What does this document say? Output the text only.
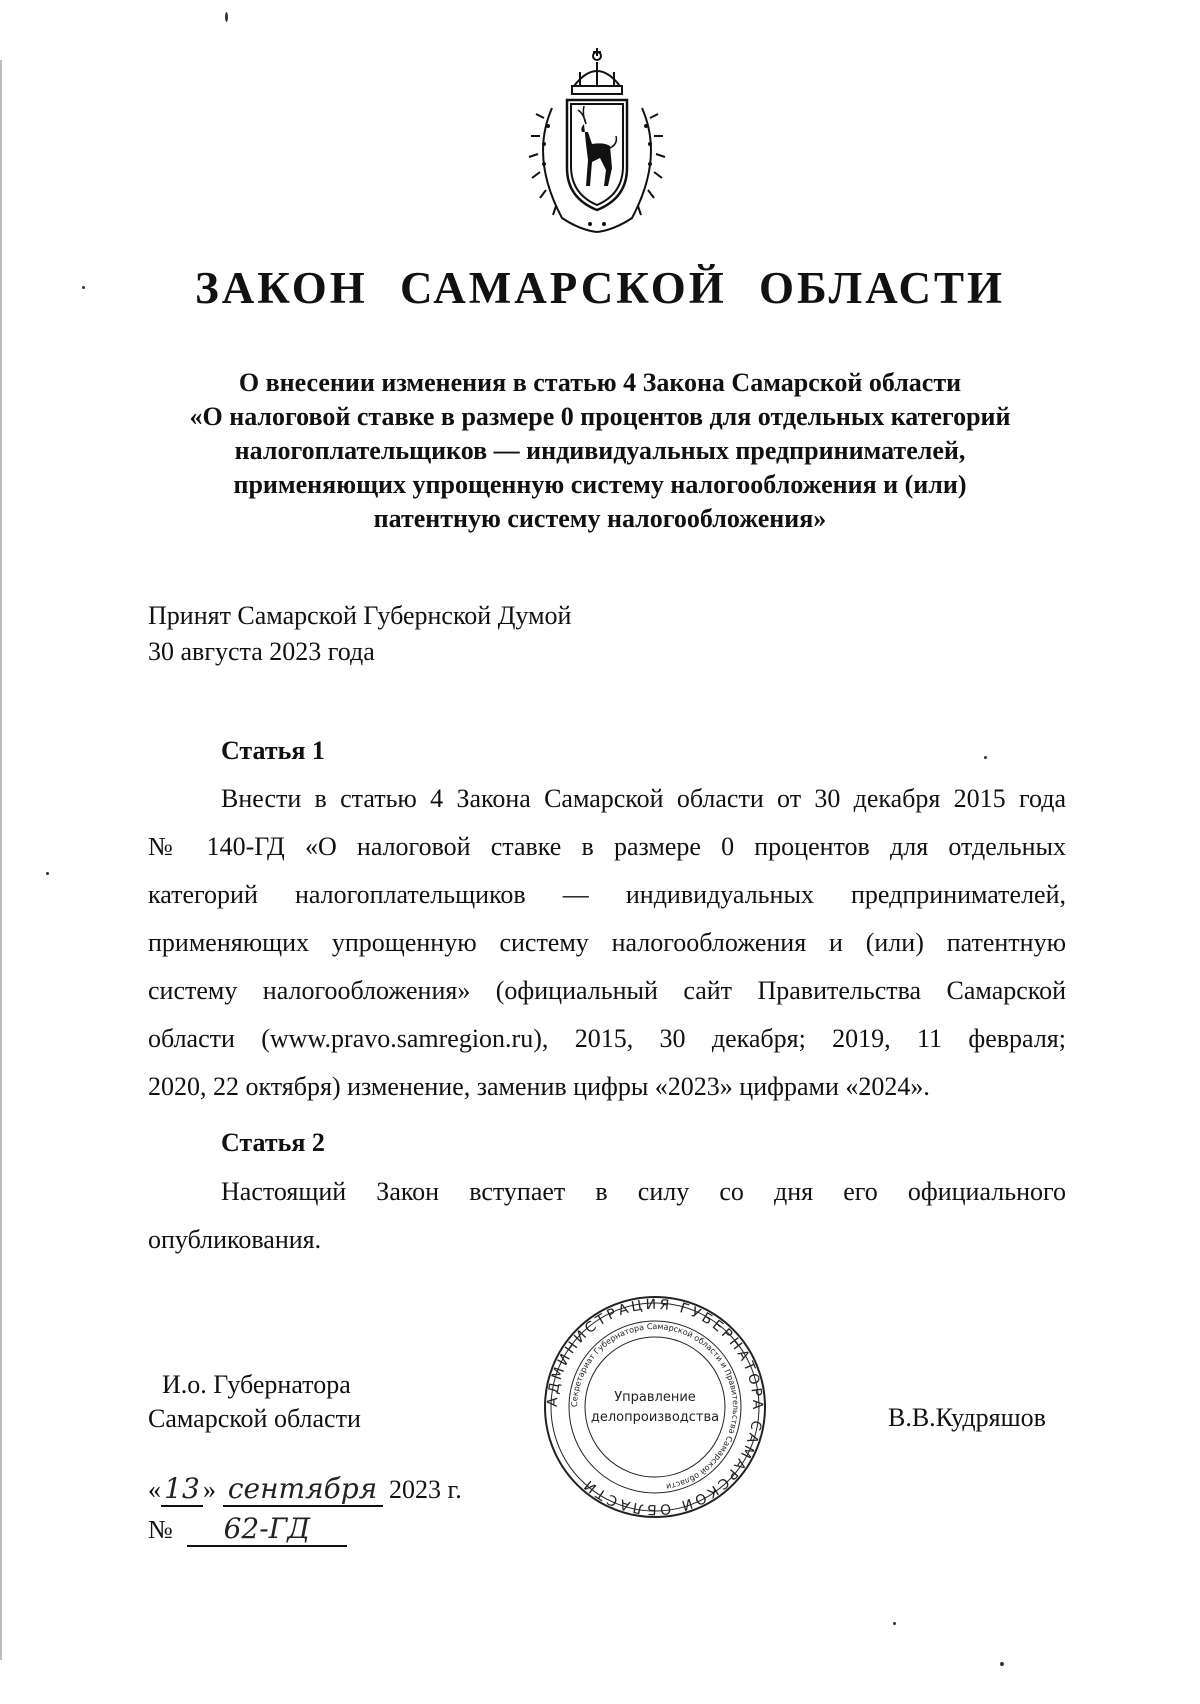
ЗАКОН САМАРСКОЙ ОБЛАСТИ
О внесении изменения в статью 4 Закона Самарской области
«О налоговой ставке в размере 0 процентов для отдельных категорий
налогоплательщиков — индивидуальных предпринимателей,
применяющих упрощенную систему налогообложения и (или)
патентную систему налогообложения»
Принят Самарской Губернской Думой
30 августа 2023 года
Статья 1
Внести в статью 4 Закона Самарской области от 30 декабря 2015 года
№ 140-ГД «О налоговой ставке в размере 0 процентов для отдельных
категорий налогоплательщиков — индивидуальных предпринимателей,
применяющих упрощенную систему налогообложения и (или) патентную
систему налогообложения» (официальный сайт Правительства Самарской
области (www.pravo.samregion.ru), 2015, 30 декабря; 2019, 11 февраля;
2020, 22 октября) изменение, заменив цифры «2023» цифрами «2024».
Статья 2
Настоящий Закон вступает в силу со дня его официального
опубликования.
И.о. Губернатора
Самарской области
АДМИНИСТРАЦИЯ ГУБЕРНАТОРА САМАРСКОЙ ОБЛАСТИ
Секретариат Губернатора Самарской области и Правительства Самарской области
Управление
делопроизводства	В.В.Кудряшов
« 13 » сентября 2023 г.
№ 62-ГД
